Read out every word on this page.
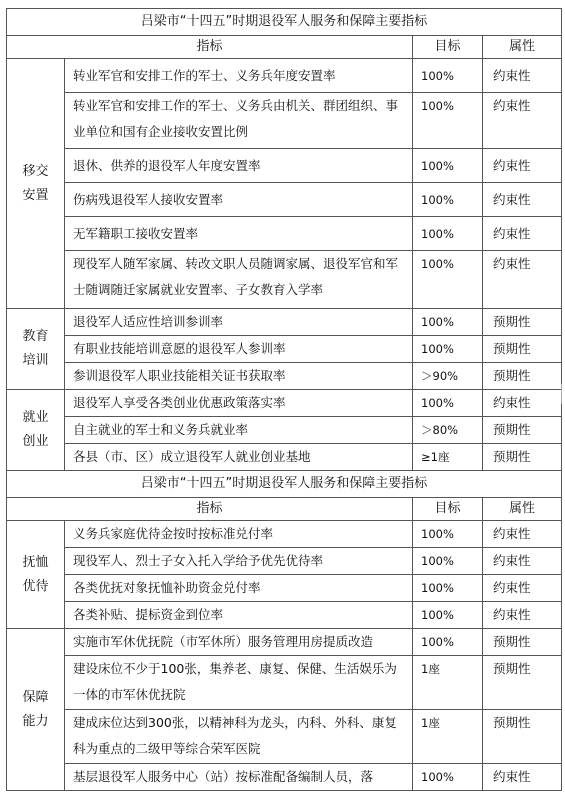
吕梁市“十四五”时期退役军人服务和保障主要指标			
指标		目标	属性
移交
安置	转业军官和安排工作的军士、义务兵年度安置率	100%	约束性
	转业军官和安排工作的军士、义务兵由机关、群团组织、事业单位和国有企业接收安置比例	100%	约束性
	退休、供养的退役军人年度安置率	100%	约束性
	伤病残退役军人接收安置率	100%	约束性
	无军籍职工接收安置率	100%	约束性
	现役军人随军家属、转改文职人员随调家属、退役军官和军士随调随迁家属就业安置率、子女教育入学率	100%	约束性
教育
培训	退役军人适应性培训参训率	100%	预期性
	有职业技能培训意愿的退役军人参训率	100%	预期性
	参训退役军人职业技能相关证书获取率	＞90%	预期性
就业
创业	退役军人享受各类创业优惠政策落实率	100%	约束性
	自主就业的军士和义务兵就业率	＞80%	预期性
	各县（市、区）成立退役军人就业创业基地	≥1座	预期性
吕梁市“十四五”时期退役军人服务和保障主要指标			
指标		目标	属性
抚恤
优待	义务兵家庭优待金按时按标准兑付率	100%	约束性
	现役军人、烈士子女入托入学给予优先优待率	100%	约束性
	各类优抚对象抚恤补助资金兑付率	100%	约束性
	各类补贴、提标资金到位率	100%	约束性
保障
能力	实施市军休优抚院（市军休所）服务管理用房提质改造	100%	预期性
	建设床位不少于100张，集养老、康复、保健、生活娱乐为一体的市军休优抚院	1座	预期性
	建成床位达到300张，以精神科为龙头，内科、外科、康复科为重点的二级甲等综合荣军医院	1座	预期性
	基层退役军人服务中心（站）按标准配备编制人员，落	100%	约束性
